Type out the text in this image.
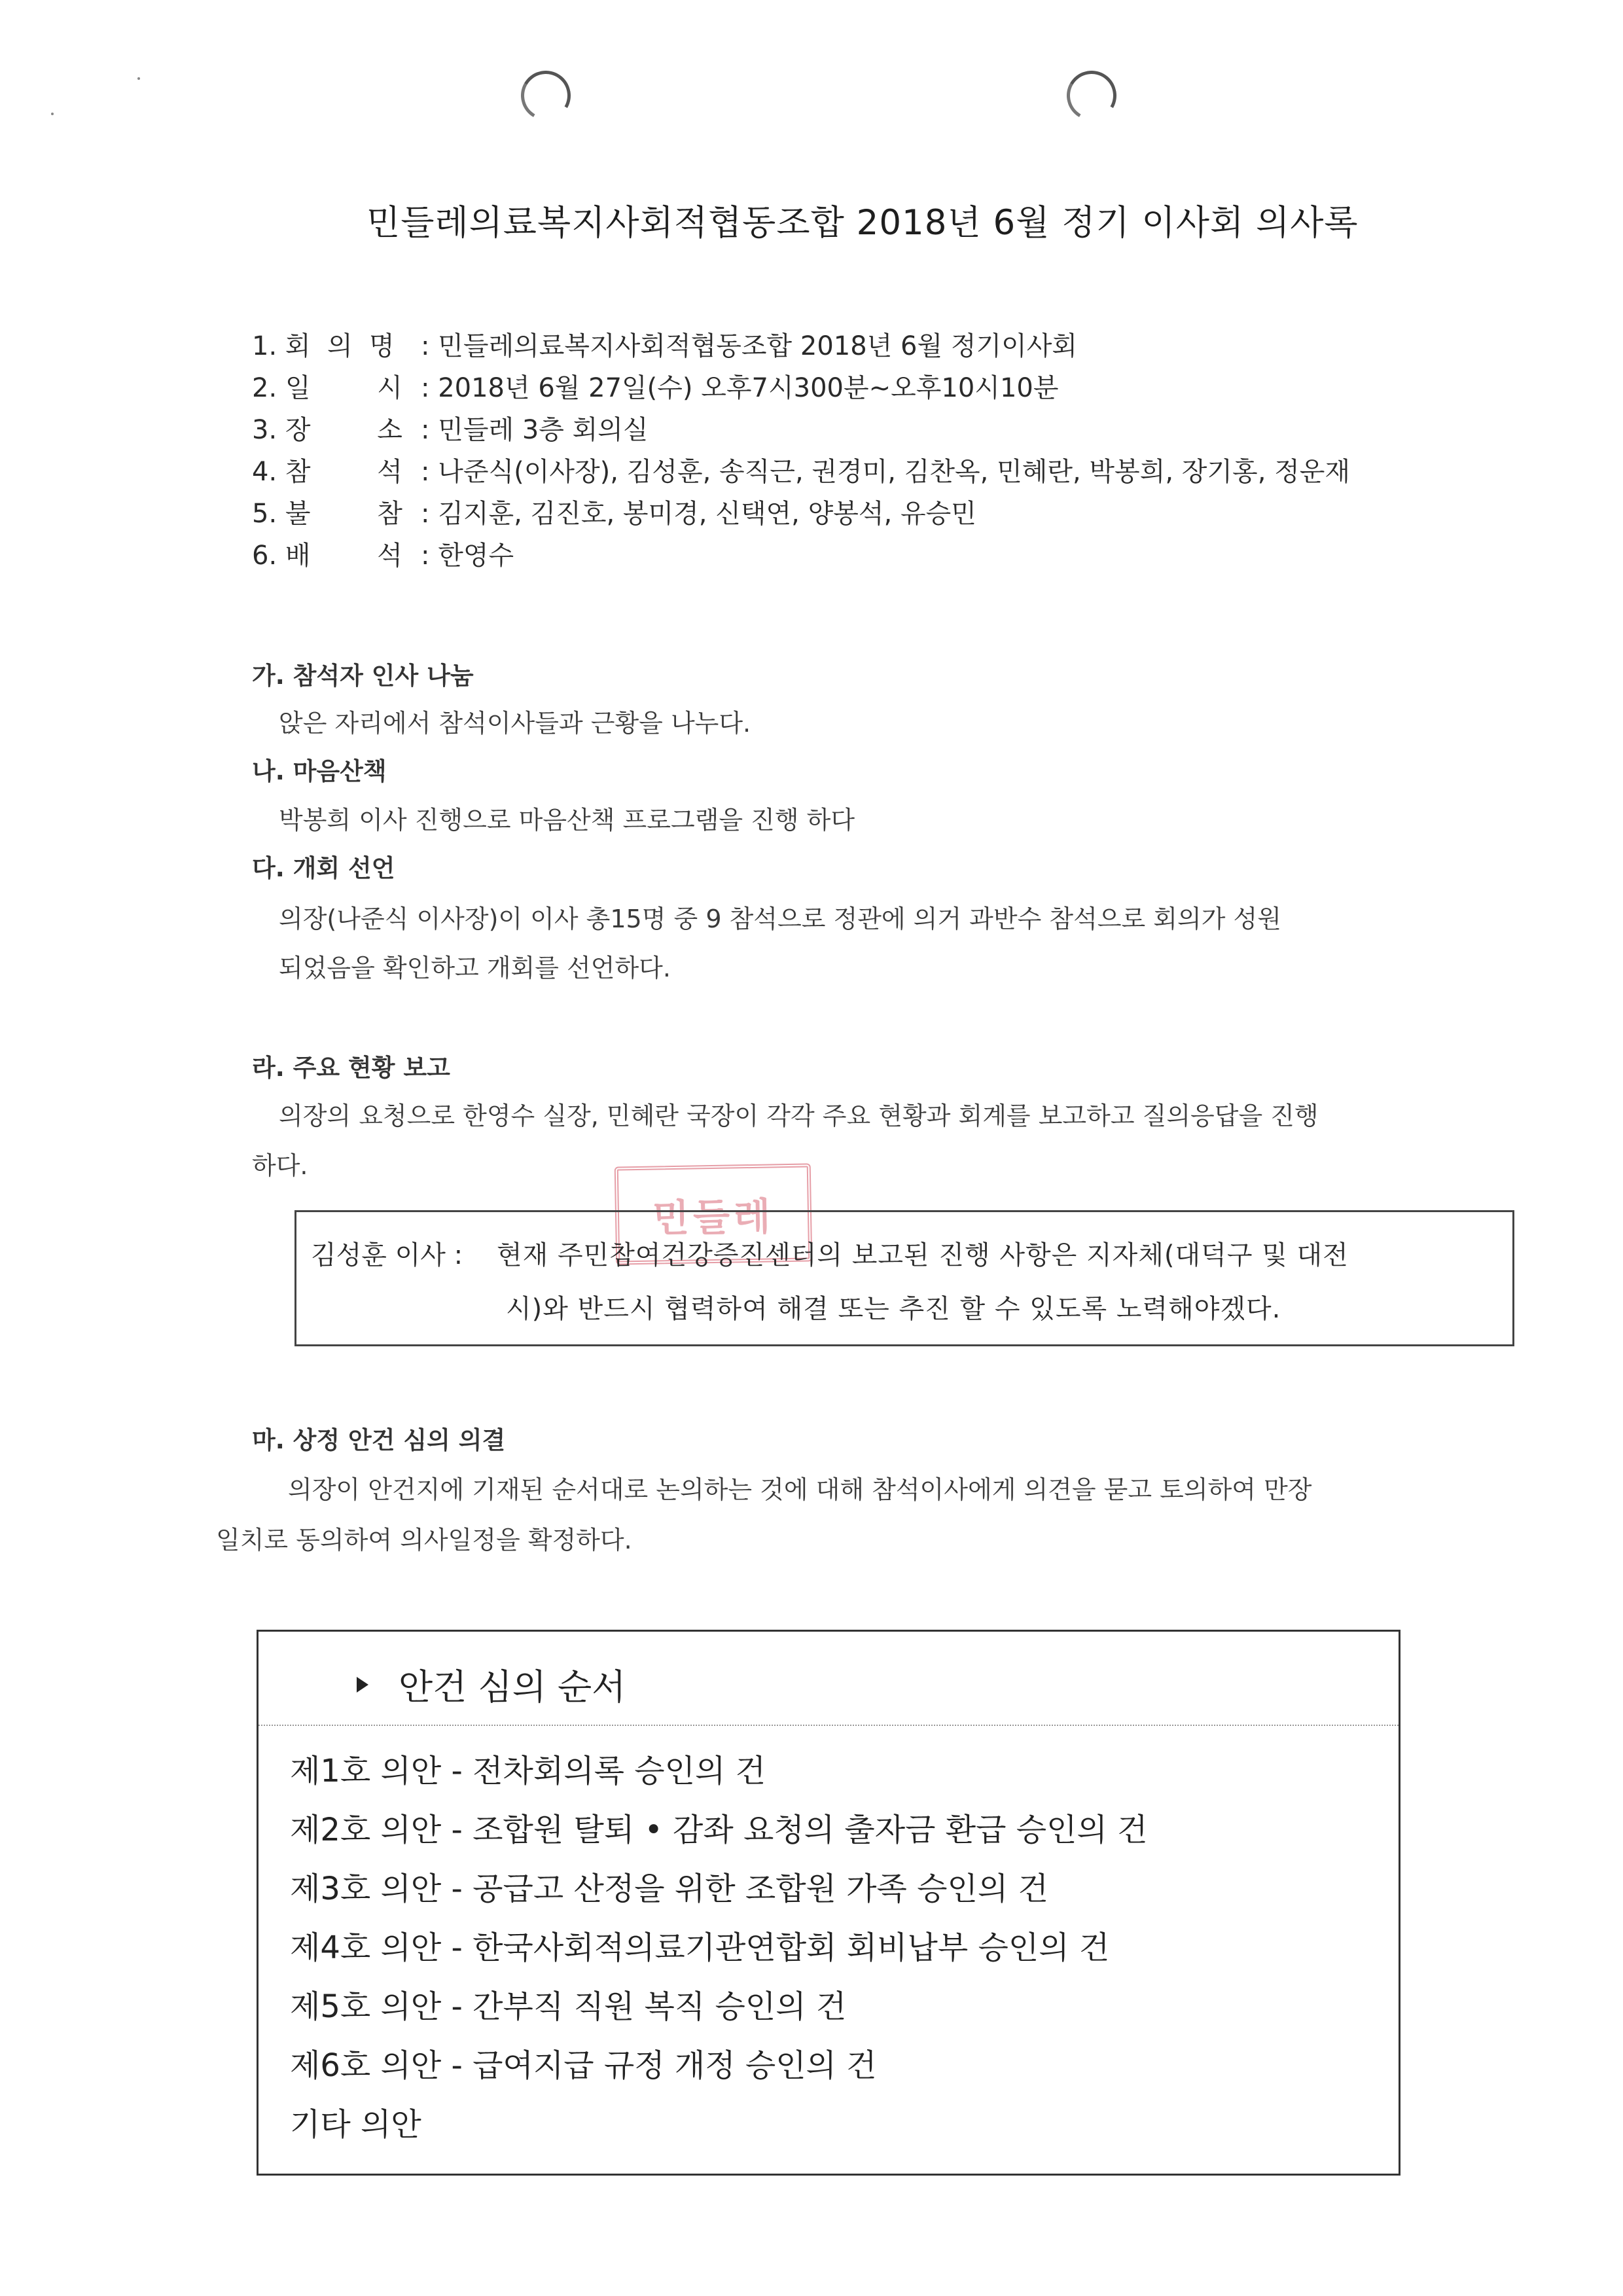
민들레의료복지사회적협동조합 2018년 6월 정기 이사회 의사록
1. 회  의  명	: 민들레의료복지사회적협동조합 2018년 6월 정기이사회
2. 일        시 : 2018년 6월 27일(수) 오후7시300분~오후10시10분
3. 장        소 : 민들레 3층 회의실
4. 참        석 : 나준식(이사장), 김성훈, 송직근, 권경미, 김찬옥, 민혜란, 박봉희, 장기홍, 정운재
5. 불        참 : 김지훈, 김진호, 봉미경, 신택연, 양봉석, 유승민
6. 배        석 : 한영수
가. 참석자 인사 나눔
앉은 자리에서 참석이사들과 근황을 나누다.
나. 마음산책
박봉희 이사 진행으로 마음산책 프로그램을 진행 하다
다. 개회 선언
의장(나준식 이사장)이 이사 총15명 중 9 참석으로 정관에 의거 과반수 참석으로 회의가 성원
되었음을 확인하고 개회를 선언하다.
라. 주요 현황 보고
의장의 요청으로 한영수 실장, 민혜란 국장이 각각 주요 현황과 회계를 보고하고 질의응답을 진행
하다.
민들레
김성훈 이사 : 현재 주민참여건강증진센터의 보고된 진행 사항은 지자체(대덕구 및 대전
시)와 반드시 협력하여 해결 또는 추진 할 수 있도록 노력해야겠다.
마. 상정 안건 심의 의결
의장이 안건지에 기재된 순서대로 논의하는 것에 대해 참석이사에게 의견을 묻고 토의하여 만장
일치로 동의하여 의사일정을 확정하다.
안건 심의 순서
제1호 의안 - 전차회의록 승인의 건
제2호 의안 - 조합원 탈퇴 • 감좌 요청의 출자금 환급 승인의 건
제3호 의안 - 공급고 산정을 위한 조합원 가족 승인의 건
제4호 의안 - 한국사회적의료기관연합회 회비납부 승인의 건
제5호 의안 - 간부직 직원 복직 승인의 건
제6호 의안 - 급여지급 규정 개정 승인의 건
기타 의안
